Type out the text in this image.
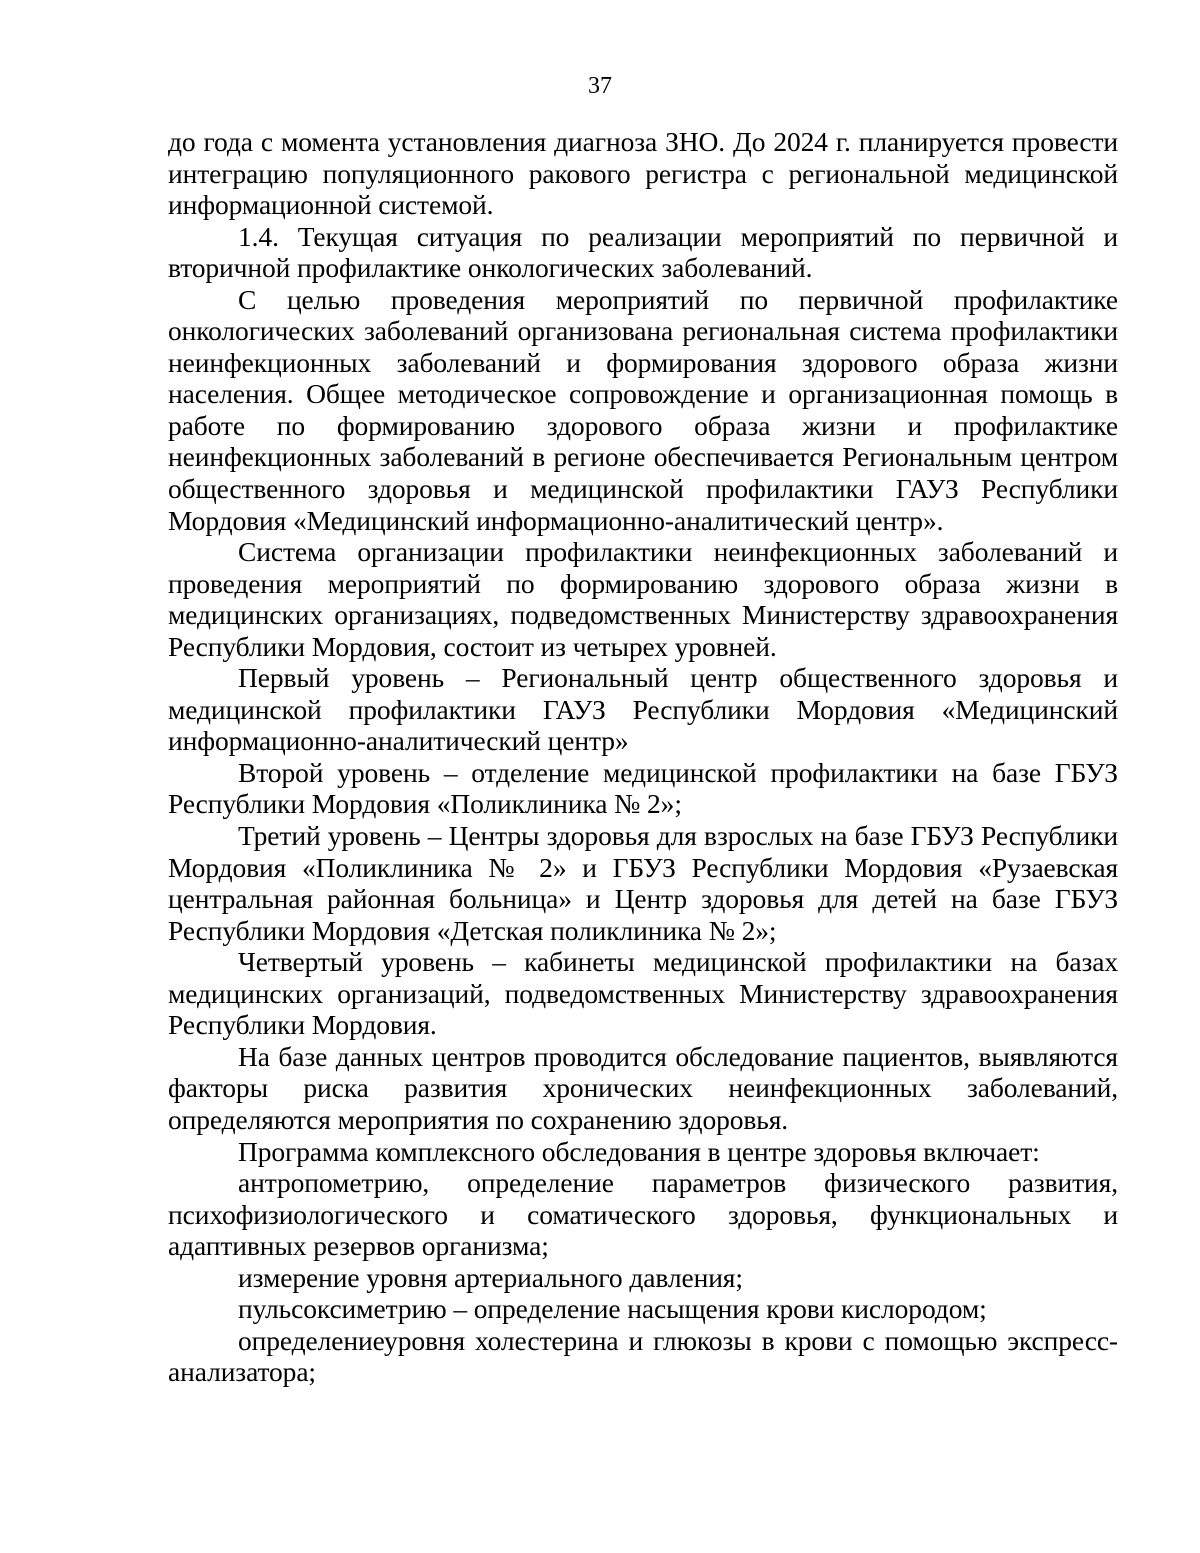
37

до года с момента установления диагноза ЗНО. До 2024 г. планируется провести интеграцию популяционного ракового регистра с региональной медицинской информационной системой.

1.4. Текущая ситуация по реализации мероприятий по первичной и вторичной профилактике онкологических заболеваний.

С целью проведения мероприятий по первичной профилактике онкологических заболеваний организована региональная система профилактики неинфекционных заболеваний и формирования здорового образа жизни населения. Общее методическое сопровождение и организационная помощь в работе по формированию здорового образа жизни и профилактике неинфекционных заболеваний в регионе обеспечивается Региональным центром общественного здоровья и медицинской профилактики ГАУЗ Республики Мордовия «Медицинский информационно-аналитический центр».

Система организации профилактики неинфекционных заболеваний и проведения мероприятий по формированию здорового образа жизни в медицинских организациях, подведомственных Министерству здравоохранения Республики Мордовия, состоит из четырех уровней.

Первый уровень – Региональный центр общественного здоровья и медицинской профилактики ГАУЗ Республики Мордовия «Медицинский информационно-аналитический центр»

Второй уровень – отделение медицинской профилактики на базе ГБУЗ Республики Мордовия «Поликлиника № 2»;

Третий уровень – Центры здоровья для взрослых на базе ГБУЗ Республики Мордовия «Поликлиника № 2» и ГБУЗ Республики Мордовия «Рузаевская центральная районная больница» и Центр здоровья для детей на базе ГБУЗ Республики Мордовия «Детская поликлиника № 2»;

Четвертый уровень – кабинеты медицинской профилактики на базах медицинских организаций, подведомственных Министерству здравоохранения Республики Мордовия.

На базе данных центров проводится обследование пациентов, выявляются факторы риска развития хронических неинфекционных заболеваний, определяются мероприятия по сохранению здоровья.

Программа комплексного обследования в центре здоровья включает:

антропометрию, определение параметров физического развития, психофизиологического и соматического здоровья, функциональных и адаптивных резервов организма;

измерение уровня артериального давления;

пульсоксиметрию – определение насыщения крови кислородом;

определениеуровня холестерина и глюкозы в крови с помощью экспресс-анализатора;
